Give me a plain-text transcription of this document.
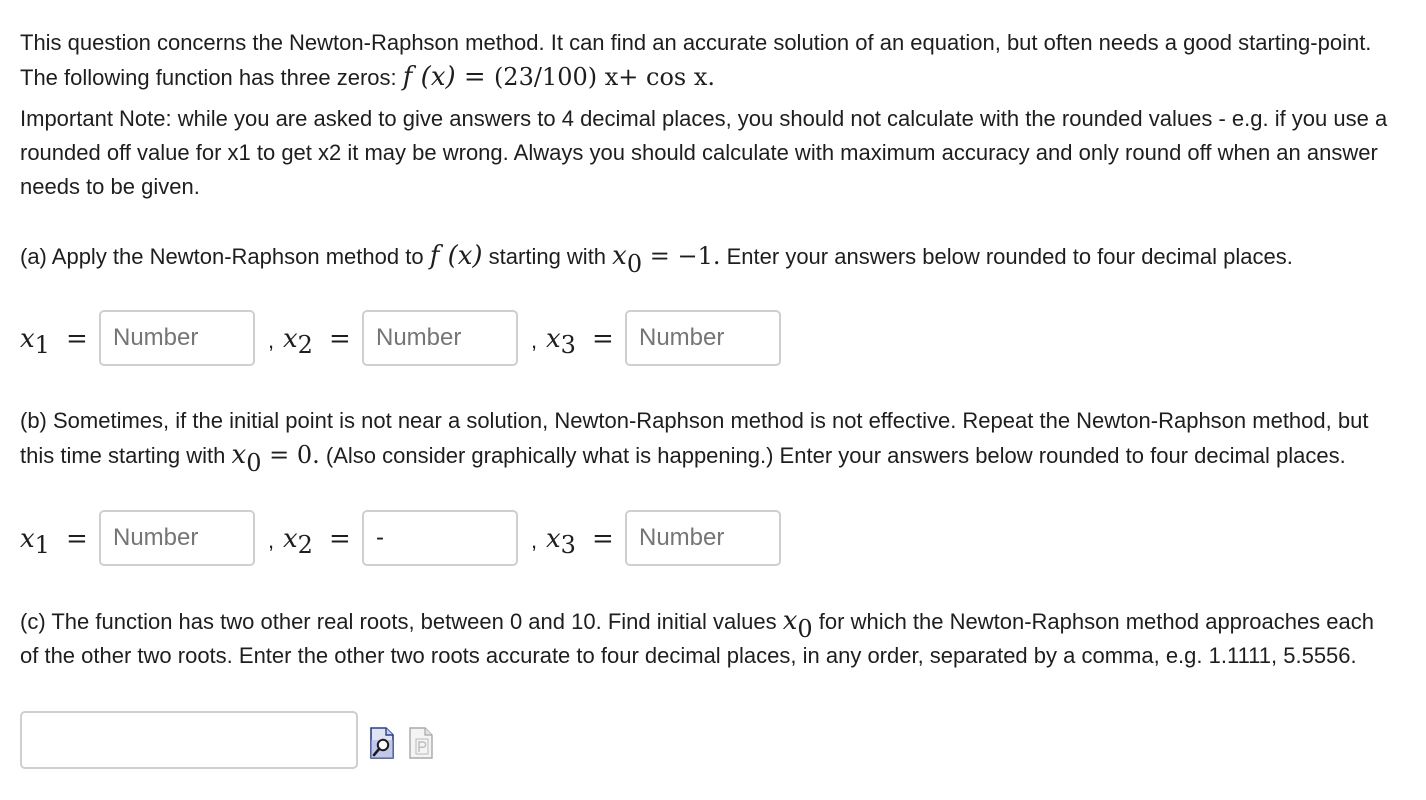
This question concerns the Newton-Raphson method. It can find an accurate solution of an equation, but often needs a good starting-point. The following function has three zeros: f (x) = (23/100) x+ cos x.

Important Note: while you are asked to give answers to 4 decimal places, you should not calculate with the rounded values - e.g. if you use a rounded off value for x1 to get x2 it may be wrong. Always you should calculate with maximum accuracy and only round off when an answer needs to be given.

(a) Apply the Newton-Raphson method to f (x) starting with x0 = −1. Enter your answers below rounded to four decimal places.

x1 =
Number	, x2 =
Number	, x3 =
Number

(b) Sometimes, if the initial point is not near a solution, Newton-Raphson method is not effective. Repeat the Newton-Raphson method, but this time starting with x0 = 0. (Also consider graphically what is happening.) Enter your answers below rounded to four decimal places.

x1 =
Number	, x2 =
-	, x3 =
Number

(c) The function has two other real roots, between 0 and 10. Find initial values x0 for which the Newton-Raphson method approaches each of the other two roots. Enter the other two roots accurate to four decimal places, in any order, separated by a comma, e.g. 1.1111, 5.5556.
